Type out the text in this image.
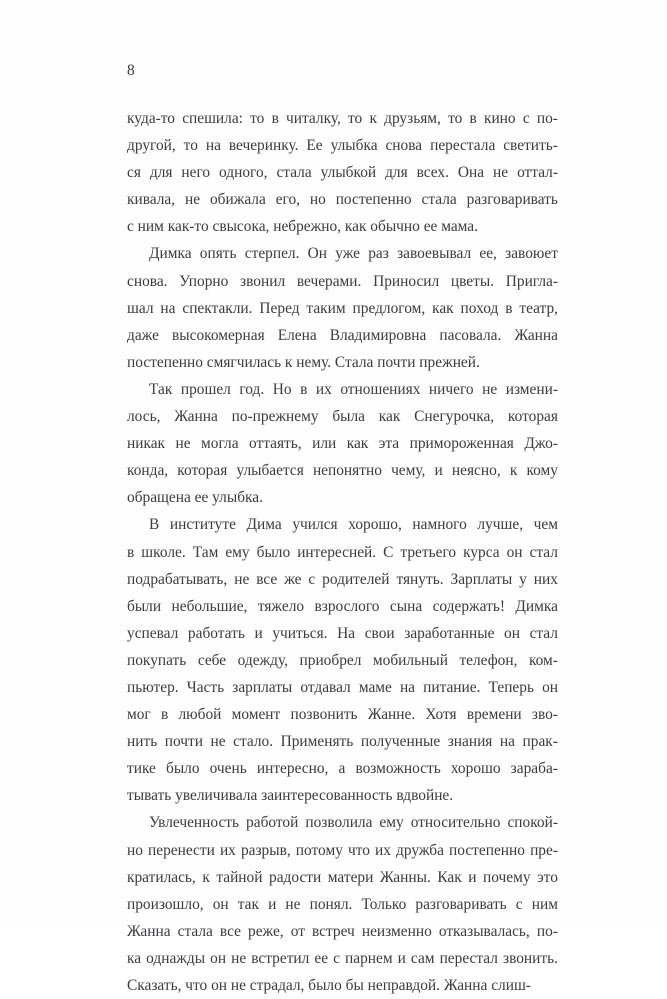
8

куда-то спешила: то в читалку, то к друзьям, то в кино с по-
другой, то на вечеринку. Ее улыбка снова перестала светить-
ся для него одного, стала улыбкой для всех. Она не оттал-
кивала, не обижала его, но постепенно стала разговаривать
с ним как-то свысока, небрежно, как обычно ее мама.

Димка опять стерпел. Он уже раз завоевывал ее, завоюет
снова. Упорно звонил вечерами. Приносил цветы. Пригла-
шал на спектакли. Перед таким предлогом, как поход в театр,
даже высокомерная Елена Владимировна пасовала. Жанна
постепенно смягчилась к нему. Стала почти прежней.

Так прошел год. Но в их отношениях ничего не измени-
лось, Жанна по-прежнему была как Снегурочка, которая
никак не могла оттаять, или как эта примороженная Джо-
конда, которая улыбается непонятно чему, и неясно, к кому
обращена ее улыбка.

В институте Дима учился хорошо, намного лучше, чем
в школе. Там ему было интересней. С третьего курса он стал
подрабатывать, не все же с родителей тянуть. Зарплаты у них
были небольшие, тяжело взрослого сына содержать! Димка
успевал работать и учиться. На свои заработанные он стал
покупать себе одежду, приобрел мобильный телефон, ком-
пьютер. Часть зарплаты отдавал маме на питание. Теперь он
мог в любой момент позвонить Жанне. Хотя времени зво-
нить почти не стало. Применять полученные знания на прак-
тике было очень интересно, а возможность хорошо зараба-
тывать увеличивала заинтересованность вдвойне.

Увлеченность работой позволила ему относительно спокой-
но перенести их разрыв, потому что их дружба постепенно пре-
кратилась, к тайной радости матери Жанны. Как и почему это
произошло, он так и не понял. Только разговаривать с ним
Жанна стала все реже, от встреч неизменно отказывалась, по-
ка однажды он не встретил ее с парнем и сам перестал звонить.
Сказать, что он не страдал, было бы неправдой. Жанна слиш-
